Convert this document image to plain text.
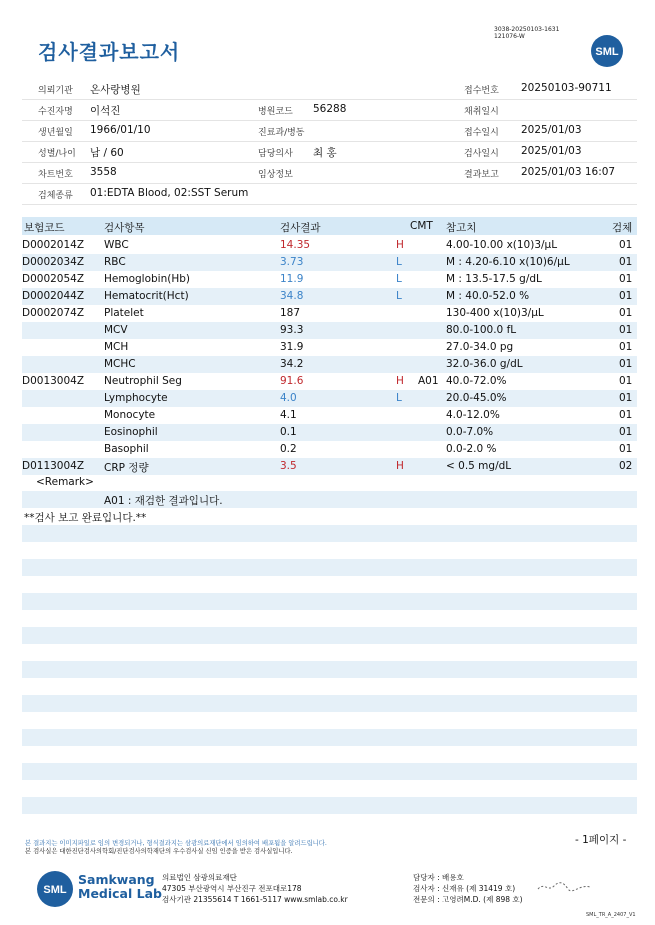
검사결과보고서
3038-20250103-1631
121076-W
SML
의뢰기관 온사랑병원	접수번호 20250103-90711
수진자명 이석진	병원코드 56288	채취일시
생년월일 1966/01/10	진료과/병동	접수일시 2025/01/03
성별/나이 남 / 60	담당의사 최 홍	검사일시 2025/01/03
차트번호 3558	임상정보	결과보고 2025/01/03 16:07
검체종류 01:EDTA Blood, 02:SST Serum
보험코드	검사항목	검사결과	CMT 참고치	검체
D0002014Z WBC	14.35	H	4.00-10.00 x(10)3/μL	01
D0002034Z RBC	3.73	L	M : 4.20-6.10 x(10)6/μL	01
D0002054Z Hemoglobin(Hb)	11.9	L	M : 13.5-17.5 g/dL	01
D0002044Z Hematocrit(Hct)	34.8	L	M : 40.0-52.0 %	01
D0002074Z Platelet	187	130-400 x(10)3/μL	01
MCV	93.3	80.0-100.0 fL	01
MCH	31.9	27.0-34.0 pg	01
MCHC	34.2	32.0-36.0 g/dL	01
D0013004Z Neutrophil Seg	91.6	H A01 40.0-72.0%	01
Lymphocyte	4.0	L	20.0-45.0%	01
Monocyte	4.1	4.0-12.0%	01
Eosinophil	0.1	0.0-7.0%	01
Basophil	0.2	0.0-2.0 %	01
D0113004Z CRP 정량	3.5	H	< 0.5 mg/dL	02
<Remark>
A01 : 재검한 결과입니다.
**검사 보고 완료입니다.**
본 결과지는 이미지파일로 임의 변경되거나, 형식결과지는 삼광의료재단에서 임의하여 배포됨을 알려드립니다.
본 검사실은 대한진단검사의학회/진단검사의학재단의 우수검사실 신임 인증을 받은 검사실입니다.
- 1페이지 -
SML
Samkwang
Medical Lab
의료법인 삼광의료재단
47305 부산광역시 부산진구 전포대로178
검사기관 21355614 T 1661-5117 www.smlab.co.kr
담당자 : 배용호
검사자 : 신재유 (제 31419 호)
전문의 : 고영려M.D. (제 898 호)
SML_TR_A_2407_V1
